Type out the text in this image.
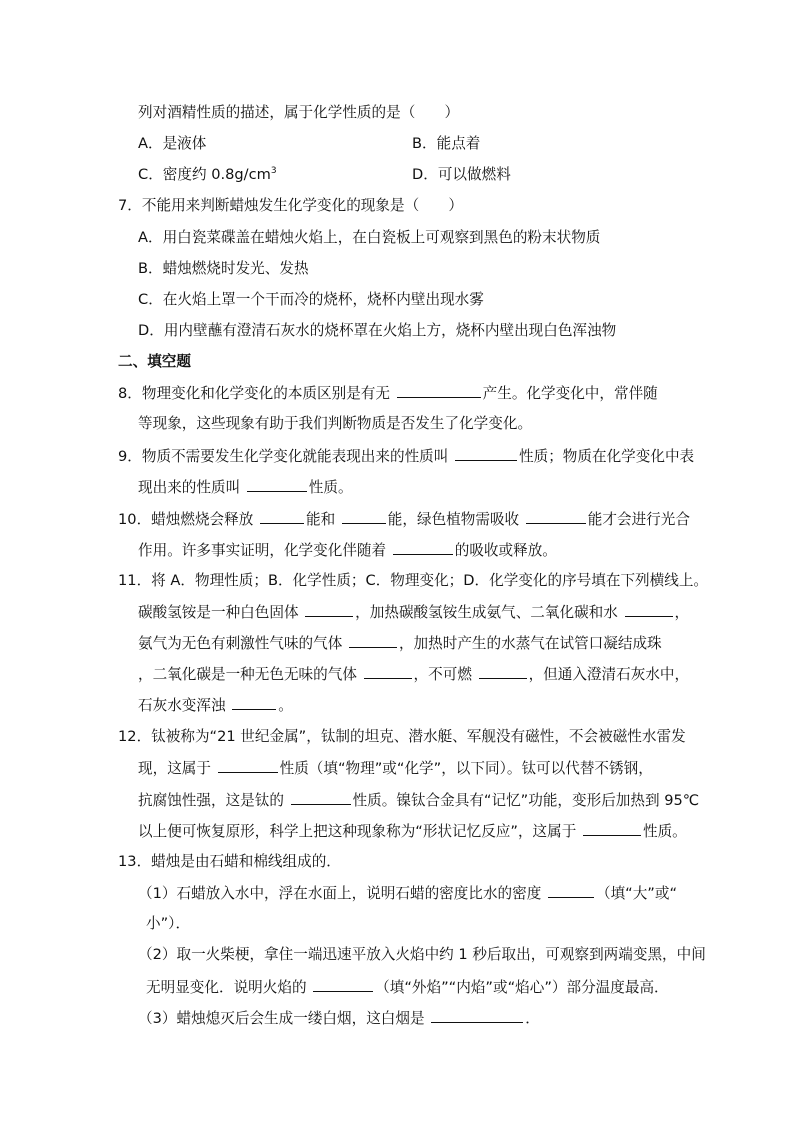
列对酒精性质的描述，属于化学性质的是（　　）
A．是液体	B．能点着
C．密度约 $0.8g/cm^3$	D．可以做燃料
7．不能用来判断蜡烛发生化学变化的现象是（　　）
A．用白瓷菜碟盖在蜡烛火焰上，在白瓷板上可观察到黑色的粉末状物质
B．蜡烛燃烧时发光、发热
C．在火焰上罩一个干而冷的烧杯，烧杯内壁出现水雾
D．用内壁蘸有澄清石灰水的烧杯罩在火焰上方，烧杯内壁出现白色浑浊物
二、填空题
8．物理变化和化学变化的本质区别是有无	产生。化学变化中，常伴随
等现象，这些现象有助于我们判断物质是否发生了化学变化。
9．物质不需要发生化学变化就能表现出来的性质叫	性质；物质在化学变化中表
现出来的性质叫	性质。
10．蜡烛燃烧会释放	能和	能，绿色植物需吸收	能才会进行光合
作用。许多事实证明，化学变化伴随着	的吸收或释放。
11．将 A．物理性质；B．化学性质；C．物理变化；D．化学变化的序号填在下列横线上。
碳酸氢铵是一种白色固体	，加热碳酸氢铵生成氨气、二氧化碳和水	，
氨气为无色有刺激性气味的气体	，加热时产生的水蒸气在试管口凝结成珠
，二氧化碳是一种无色无味的气体	，不可燃	，但通入澄清石灰水中，
石灰水变浑浊	。
12．钛被称为“21 世纪金属”，钛制的坦克、潜水艇、军舰没有磁性，不会被磁性水雷发
现，这属于	性质（填“物理”或“化学”，以下同）。钛可以代替不锈钢，
抗腐蚀性强，这是钛的	性质。镍钛合金具有“记忆”功能，变形后加热到 95℃
以上便可恢复原形，科学上把这种现象称为“形状记忆反应”，这属于	性质。
13．蜡烛是由石蜡和棉线组成的．
（1）石蜡放入水中，浮在水面上，说明石蜡的密度比水的密度	（填“大”或“
小”）．
（2）取一火柴梗，拿住一端迅速平放入火焰中约 1 秒后取出，可观察到两端变黑，中间
无明显变化．说明火焰的	（填“外焰”“内焰”或“焰心”）部分温度最高．
（3）蜡烛熄灭后会生成一缕白烟，这白烟是	．
